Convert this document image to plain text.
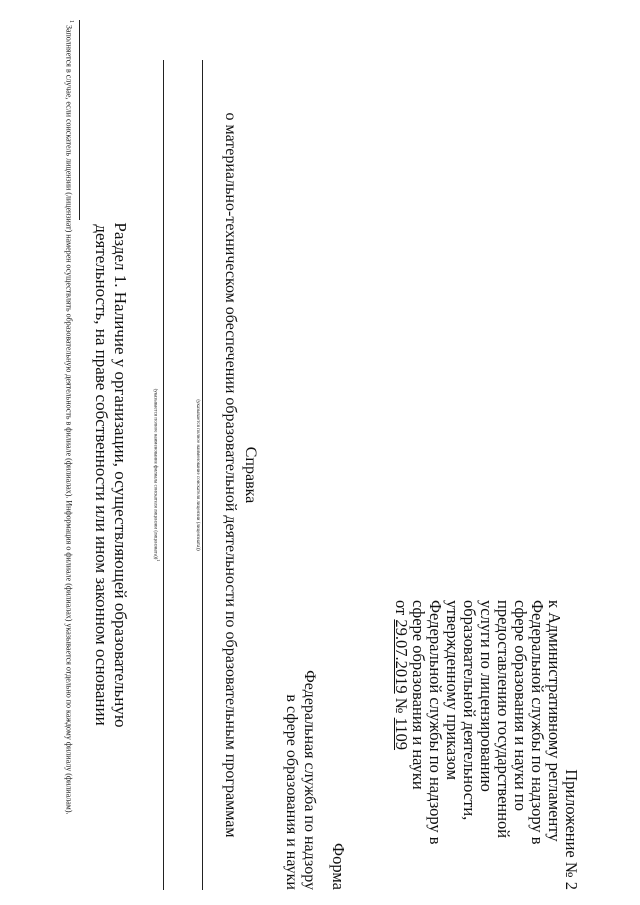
Приложение № 2
к Административному регламенту
Федеральной службы по надзору в
сфере образования и науки по
предоставлению государственной
услуги по лицензированию
образовательной деятельности,
утвержденному приказом
Федеральной службы по надзору в
сфере образования и науки
от 29.07.2019 № 1109
Форма
Федеральная служба по надзору
в сфере образования и науки
Справка
о материально-техническом обеспечении образовательной деятельности по образовательным программам
(указывается полное наименование соискателя лицензии (лицензиата))
(указывается полное наименование филиала соискателя лицензии (лицензиата))$^1$
Раздел 1. Наличие у организации, осуществляющей образовательную
деятельность, на праве собственности или ином законном основании
$^1$ Заполняется в случае, если соискатель лицензии (лицензиат) намерен осуществлять образовательную деятельность в филиале (филиалах). Информация о филиале (филиалах) указывается отдельно по каждому филиалу (филиалам).
